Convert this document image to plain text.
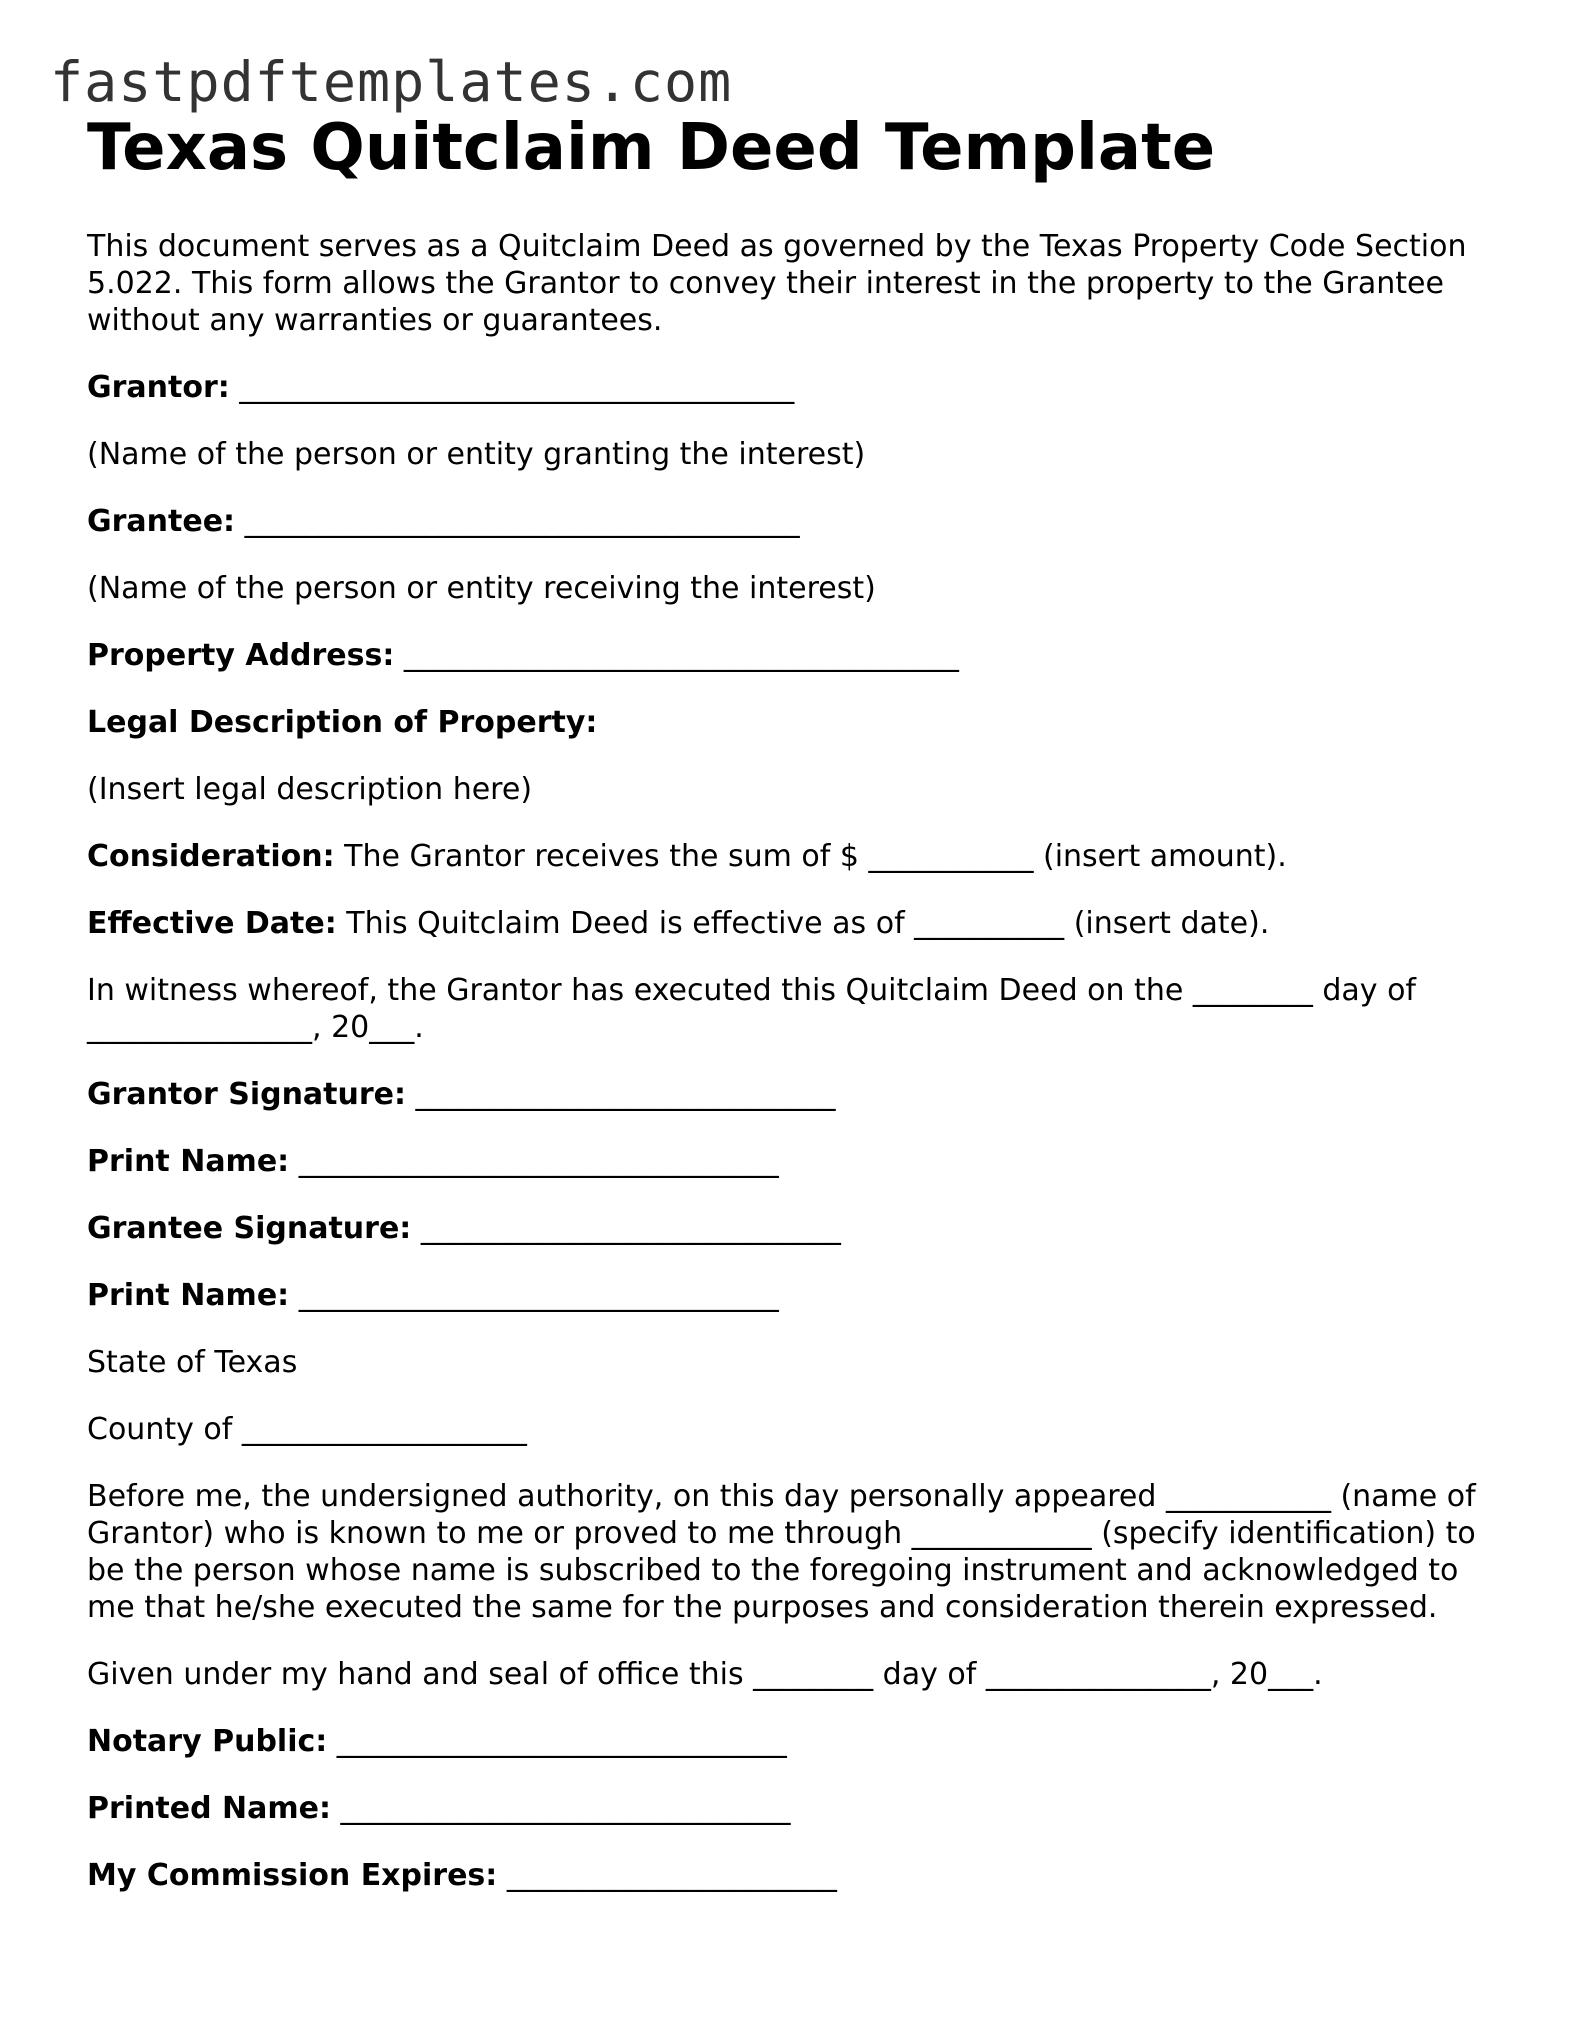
fastpdftemplates.com
Texas Quitclaim Deed Template
This document serves as a Quitclaim Deed as governed by the Texas Property Code Section 5.022. This form allows the Grantor to convey their interest in the property to the Grantee without any warranties or guarantees.
Grantor: _____________________________________
(Name of the person or entity granting the interest)
Grantee: _____________________________________
(Name of the person or entity receiving the interest)
Property Address: _____________________________________
Legal Description of Property:
(Insert legal description here)
Consideration: The Grantor receives the sum of $ ___________ (insert amount).
Effective Date: This Quitclaim Deed is effective as of __________ (insert date).
In witness whereof, the Grantor has executed this Quitclaim Deed on the ________ day of _______________, 20___.
Grantor Signature: ____________________________
Print Name: ________________________________
Grantee Signature: ____________________________
Print Name: ________________________________
State of Texas
County of ___________________
Before me, the undersigned authority, on this day personally appeared ___________ (name of Grantor) who is known to me or proved to me through ____________ (specify identification) to be the person whose name is subscribed to the foregoing instrument and acknowledged to me that he/she executed the same for the purposes and consideration therein expressed.
Given under my hand and seal of office this ________ day of _______________, 20___.
Notary Public: ______________________________
Printed Name: ______________________________
My Commission Expires: ______________________
